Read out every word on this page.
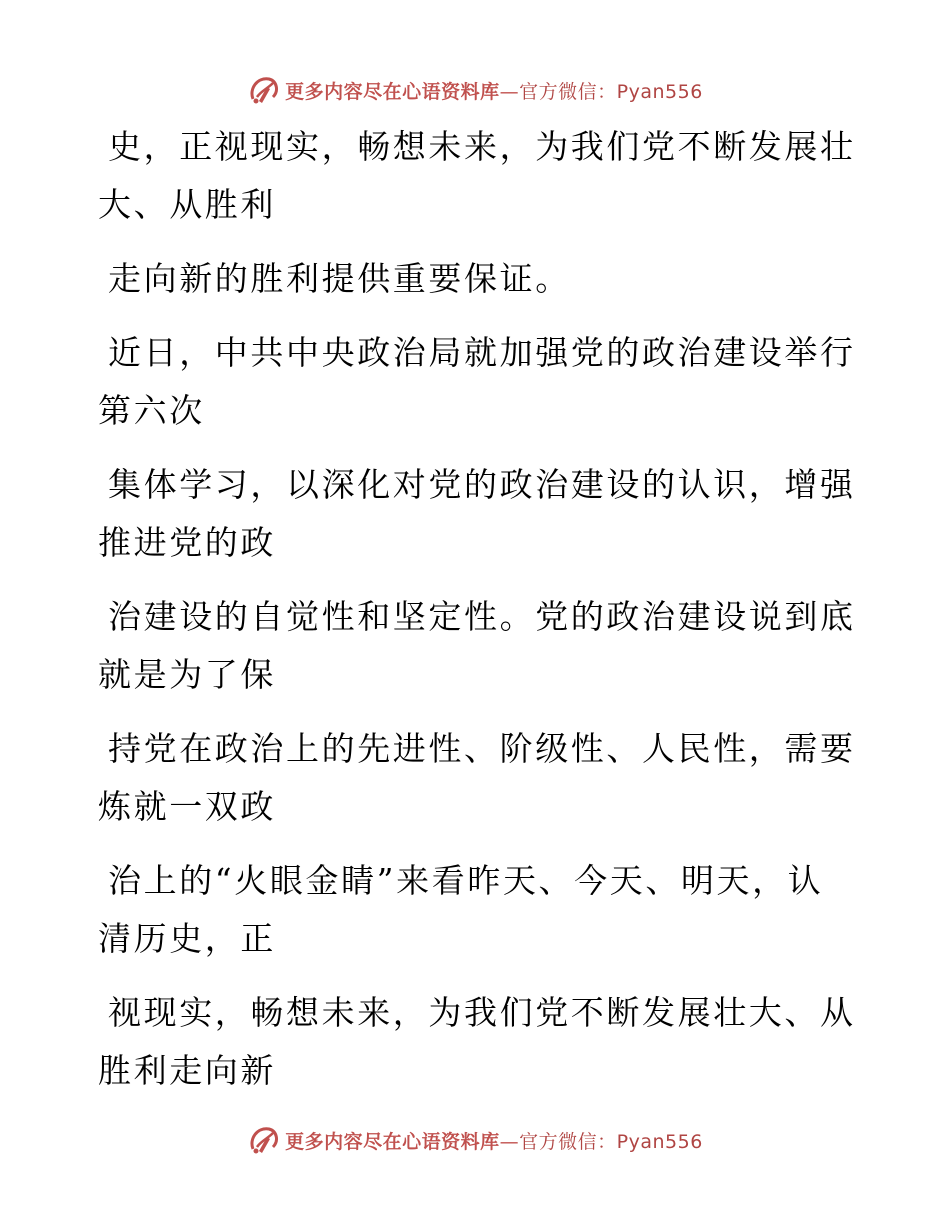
更多内容尽在心语资料库—官方微信：Pyan556
史，正视现实，畅想未来，为我们党不断发展壮
大、从胜利
走向新的胜利提供重要保证。
近日，中共中央政治局就加强党的政治建设举行
第六次
集体学习，以深化对党的政治建设的认识，增强
推进党的政
治建设的自觉性和坚定性。党的政治建设说到底
就是为了保
持党在政治上的先进性、阶级性、人民性，需要
炼就一双政
治上的“火眼金睛”来看昨天、今天、明天，认
清历史，正
视现实，畅想未来，为我们党不断发展壮大、从
胜利走向新
更多内容尽在心语资料库—官方微信：Pyan556
